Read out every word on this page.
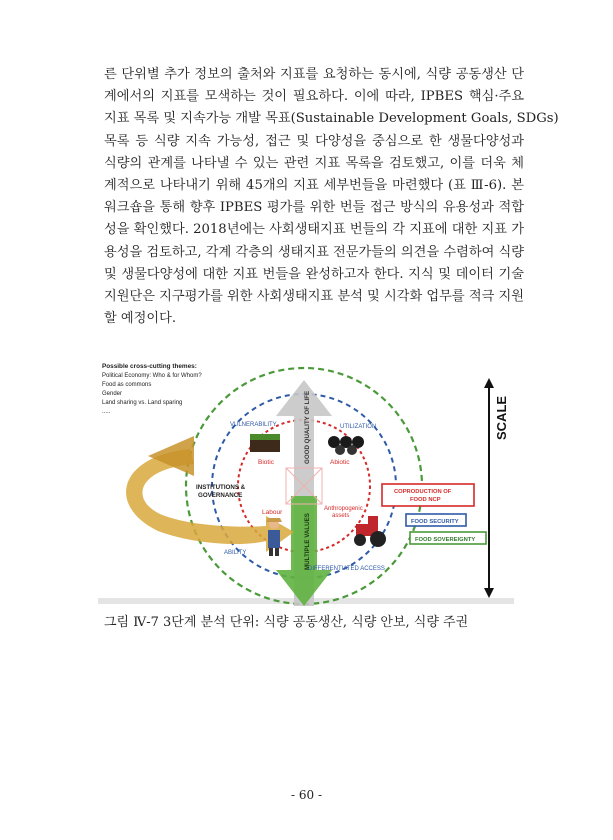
른 단위별 추가 정보의 출처와 지표를 요청하는 동시에, 식량 공동생산 단
계에서의 지표를 모색하는 것이 필요하다. 이에 따라, IPBES 핵심·주요
지표 목록 및 지속가능 개발 목표(Sustainable Development Goals, SDGs)
목록 등 식량 지속 가능성, 접근 및 다양성을 중심으로 한 생물다양성과
식량의 관계를 나타낼 수 있는 관련 지표 목록을 검토했고, 이를 더욱 체
계적으로 나타내기 위해 45개의 지표 세부번들을 마련했다 (표 Ⅲ-6). 본
워크숍을 통해 향후 IPBES 평가를 위한 번들 접근 방식의 유용성과 적합
성을 확인했다. 2018년에는 사회생태지표 번들의 각 지표에 대한 지표 가
용성을 검토하고, 각계 각층의 생태지표 전문가들의 의견을 수렴하여 식량
및 생물다양성에 대한 지표 번들을 완성하고자 한다. 지식 및 데이터 기술
지원단은 지구평가를 위한 사회생태지표 분석 및 시각화 업무를 적극 지원
할 예정이다.
Possible cross-cutting themes:
Political Economy: Who & for Whom?
Food as commons
Gender
Land sharing vs. Land sparing
.....
VULNERABILITY	UTILIZATION
ABILITY
DIFFERENTIATED ACCESS
Biotic	Abiotic
Labour	Anthropogenic
assets
GOOD QUALITY OF LIFE
MULTIPLE VALUES
INSTITUTIONS &
GOVERNANCE	COPRODUCTION OF
FOOD NCP
FOOD SECURITY
FOOD SOVEREIGNTY
SCALE
그림 Ⅳ-7 3단계 분석 단위: 식량 공동생산, 식량 안보, 식량 주권
- 60 -
